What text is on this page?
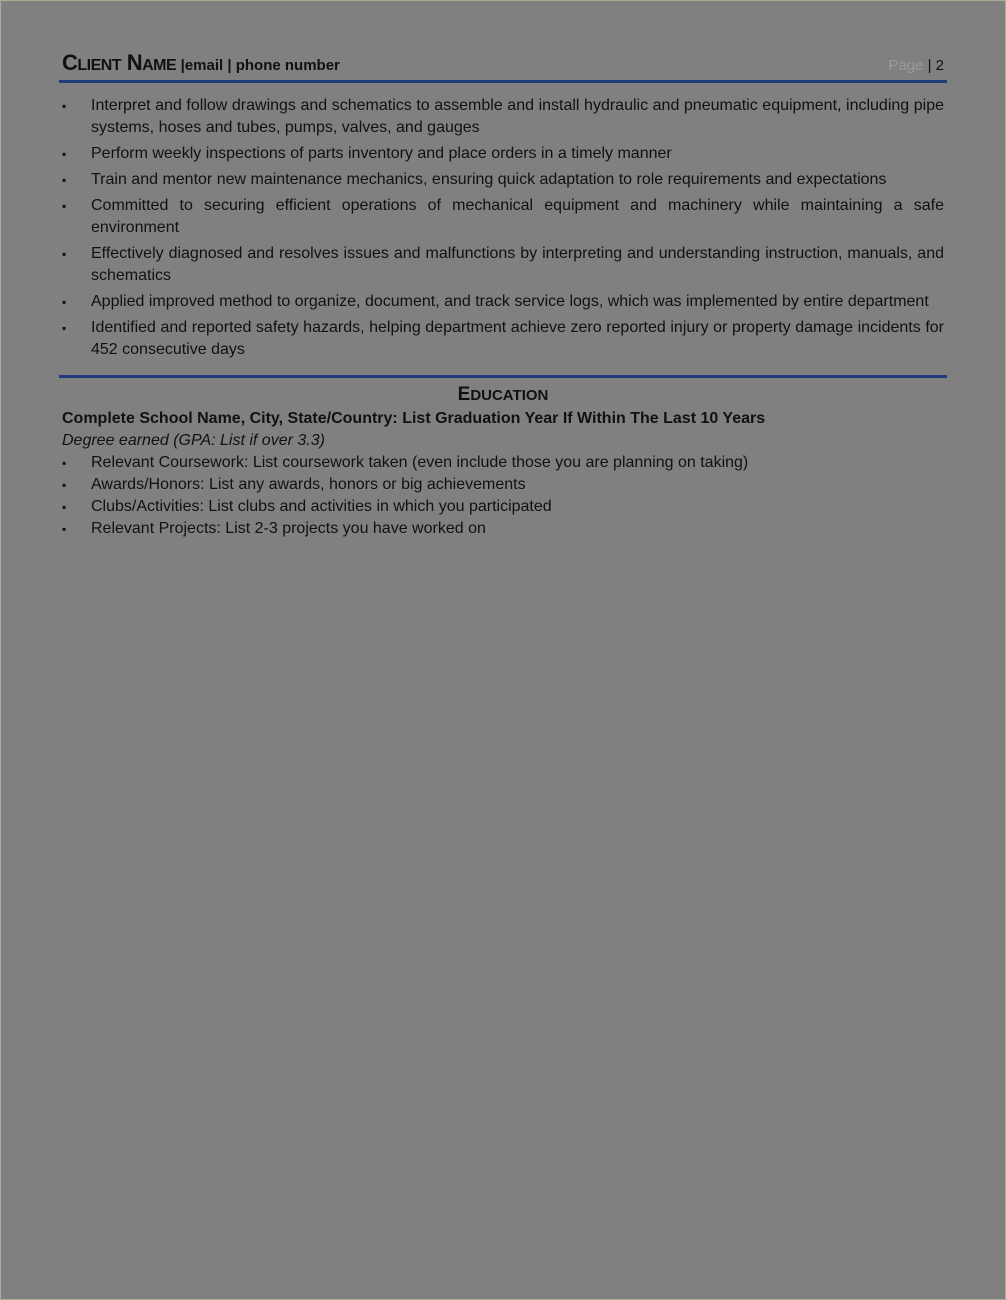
CLIENT NAME |email | phone number	Page | 2
▪ Interpret and follow drawings and schematics to assemble and install hydraulic and pneumatic equipment, including pipe systems, hoses and tubes, pumps, valves, and gauges
▪ Perform weekly inspections of parts inventory and place orders in a timely manner
▪ Train and mentor new maintenance mechanics, ensuring quick adaptation to role requirements and expectations
▪ Committed to securing efficient operations of mechanical equipment and machinery while maintaining a safe environment
▪ Effectively diagnosed and resolves issues and malfunctions by interpreting and understanding instruction, manuals, and schematics
▪ Applied improved method to organize, document, and track service logs, which was implemented by entire department
▪ Identified and reported safety hazards, helping department achieve zero reported injury or property damage incidents for 452 consecutive days
EDUCATION
Complete School Name, City, State/Country: List Graduation Year If Within The Last 10 Years
Degree earned (GPA: List if over 3.3)
▪ Relevant Coursework: List coursework taken (even include those you are planning on taking)
▪ Awards/Honors: List any awards, honors or big achievements
▪ Clubs/Activities: List clubs and activities in which you participated
▪ Relevant Projects: List 2-3 projects you have worked on
